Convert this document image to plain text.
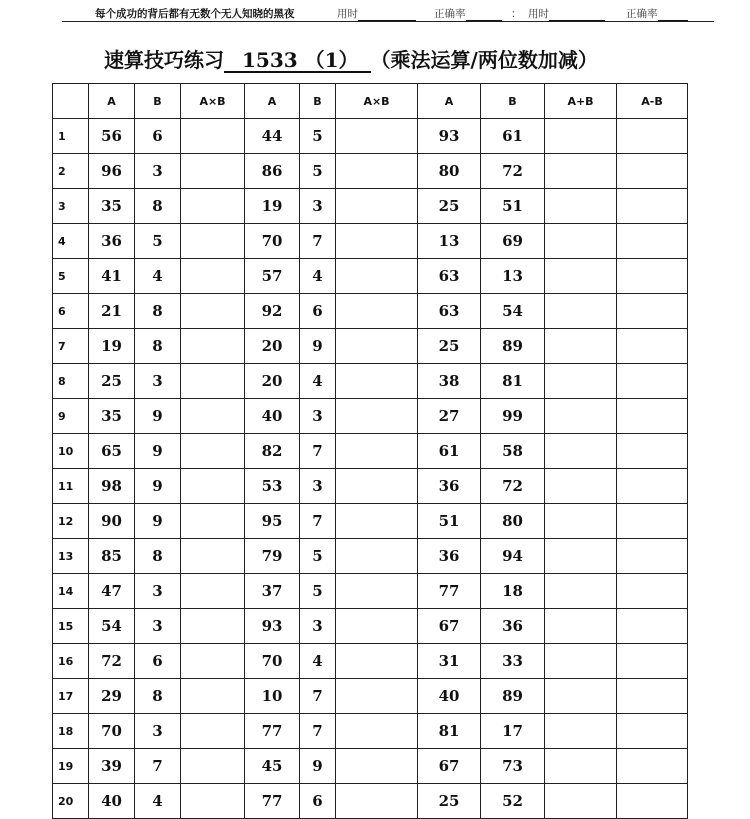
每个成功的背后都有无数个无人知晓的黑夜	用时	正确率	： 用时	正确率
速算技巧练习 1533 （1） （乘法运算/两位数加减）
	A	B	A×B	A	B	A×B	A	B	A+B	A-B
1	56	6		44	5		93	61		
2	96	3		86	5		80	72		
3	35	8		19	3		25	51		
4	36	5		70	7		13	69		
5	41	4		57	4		63	13		
6	21	8		92	6		63	54		
7	19	8		20	9		25	89		
8	25	3		20	4		38	81		
9	35	9		40	3		27	99		
10	65	9		82	7		61	58		
11	98	9		53	3		36	72		
12	90	9		95	7		51	80		
13	85	8		79	5		36	94		
14	47	3		37	5		77	18		
15	54	3		93	3		67	36		
16	72	6		70	4		31	33		
17	29	8		10	7		40	89		
18	70	3		77	7		81	17		
19	39	7		45	9		67	73		
20	40	4		77	6		25	52		
